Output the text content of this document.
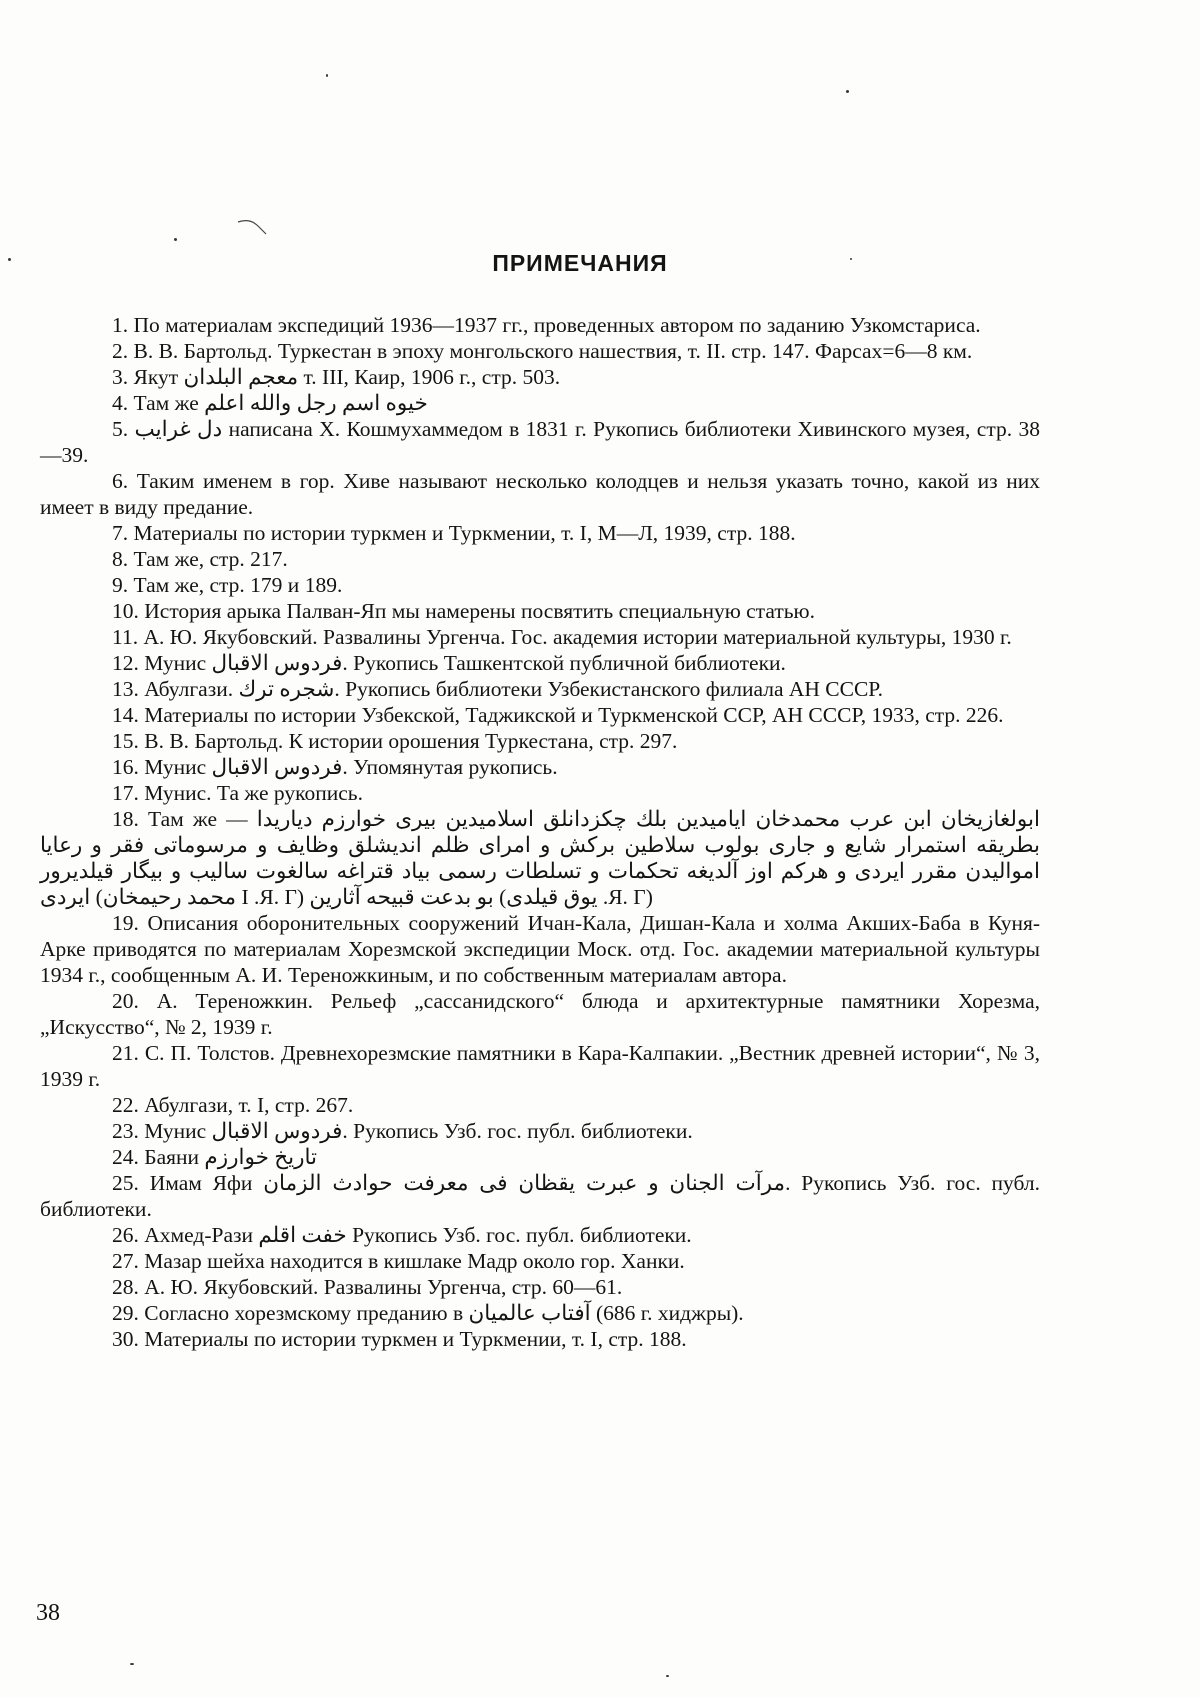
ПРИМЕЧАНИЯ

1. По материалам экспедиций 1936—1937 гг., проведенных автором по заданию Узкомстариса.

2. В. В. Бартольд. Туркестан в эпоху монгольского нашествия, т. II. стр. 147. Фарсах=6—8 км.

3. Якут معجم البلدان т. III, Каир, 1906 г., стр. 503.

4. Там же خیوه اسم رجل والله اعلم

5. دل غرایب написана Х. Кошмухаммедом в 1831 г. Рукопись библиотеки Хивинского музея, стр. 38—39.

6. Таким именем в гор. Хиве называют несколько колодцев и нельзя указать точно, какой из них имеет в виду предание.

7. Материалы по истории туркмен и Туркмении, т. I, М—Л, 1939, стр. 188.

8. Там же, стр. 217.

9. Там же, стр. 179 и 189.

10. История арыка Палван-Яп мы намерены посвятить специальную статью.

11. А. Ю. Якубовский. Развалины Ургенча. Гос. академия истории материальной культуры, 1930 г.

12. Мунис فردوس الاقبال. Рукопись Ташкентской публичной библиотеки.

13. Абулгази. شجره ترك. Рукопись библиотеки Узбекистанского филиала АН СССР.

14. Материалы по истории Узбекской, Таджикской и Туркменской ССР, АН СССР, 1933, стр. 226.

15. В. В. Бартольд. К истории орошения Туркестана, стр. 297.

16. Мунис فردوس الاقبال. Упомянутая рукопись.

17. Мунис. Та же рукопись.

18. Там же — ابولغازیخان ابن عرب محمدخان ایامیدین بلك چکزدانلق اسلامیدین بیری خوارزم دیاریدا بطریقه استمرار شایع و جاری بولوب سلاطین برکش و امرای ظلم اندیشلق وظایف و مرسوماتی فقر و رعایا اموالیدن مقرر ایردی و هرکم اوز آلدیغه تحکمات و تسلطات رسمی بیاد قتراغه سالغوت سالیب و بیگار قیلدیرور ایردی (محمد رحیمخان I .Я. Г) بو بدعت قبیحه آثارین (یوق قیلدی .Я. Г)

19. Описания оборонительных сооружений Ичан-Кала, Дишан-Кала и холма Акших-Баба в Куня-Арке приводятся по материалам Хорезмской экспедиции Моск. отд. Гос. академии материальной культуры 1934 г., сообщенным А. И. Тереножкиным, и по собственным материалам автора.

20. А. Тереножкин. Рельеф „сассанидского“ блюда и архитектурные памятники Хорезма, „Искусство“, № 2, 1939 г.

21. С. П. Толстов. Древнехорезмские памятники в Кара-Калпакии. „Вестник древней истории“, № 3, 1939 г.

22. Абулгази, т. I, стр. 267.

23. Мунис فردوس الاقبال. Рукопись Узб. гос. публ. библиотеки.

24. Баяни تاریخ خوارزم

25. Имам Яфи مرآت الجنان و عبرت یقظان فی معرفت حوادث الزمان. Рукопись Узб. гос. публ. библиотеки.

26. Ахмед-Рази خفت اقلم Рукопись Узб. гос. публ. библиотеки.

27. Мазар шейха находится в кишлаке Мадр около гор. Ханки.

28. А. Ю. Якубовский. Развалины Ургенча, стр. 60—61.

29. Согласно хорезмскому преданию в آفتاب عالمیان (686 г. хиджры).

30. Материалы по истории туркмен и Туркмении, т. I, стр. 188.

38
